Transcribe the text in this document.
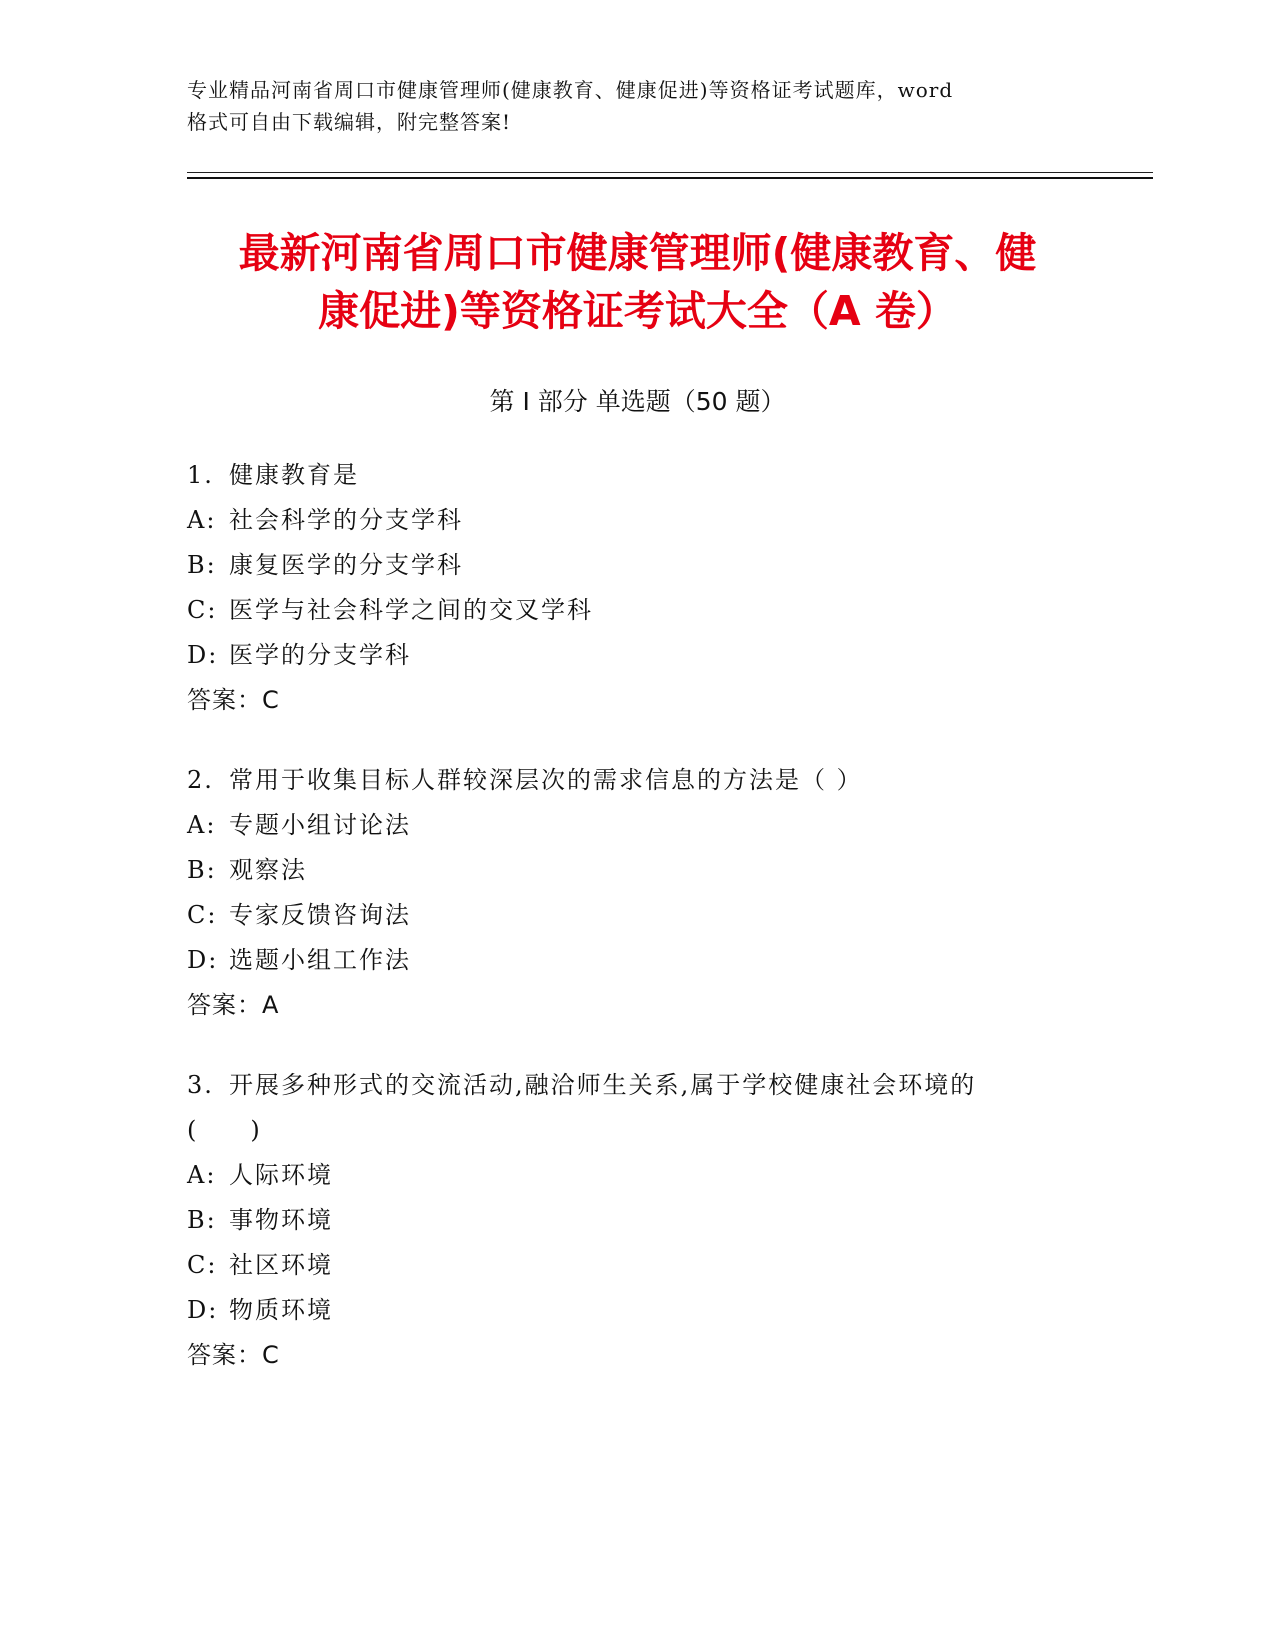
专业精品河南省周口市健康管理师(健康教育、健康促进)等资格证考试题库，word
格式可自由下载编辑，附完整答案!
最新河南省周口市健康管理师(健康教育、健
康促进)等资格证考试大全（A 卷）
第 I 部分 单选题（50 题）
1. 健康教育是
A: 社会科学的分支学科
B: 康复医学的分支学科
C: 医学与社会科学之间的交叉学科
D: 医学的分支学科
答案：C
2. 常用于收集目标人群较深层次的需求信息的方法是（ ）
A: 专题小组讨论法
B: 观察法
C: 专家反馈咨询法
D: 选题小组工作法
答案：A
3. 开展多种形式的交流活动,融洽师生关系,属于学校健康社会环境的
(　　)
A: 人际环境
B: 事物环境
C: 社区环境
D: 物质环境
答案：C
